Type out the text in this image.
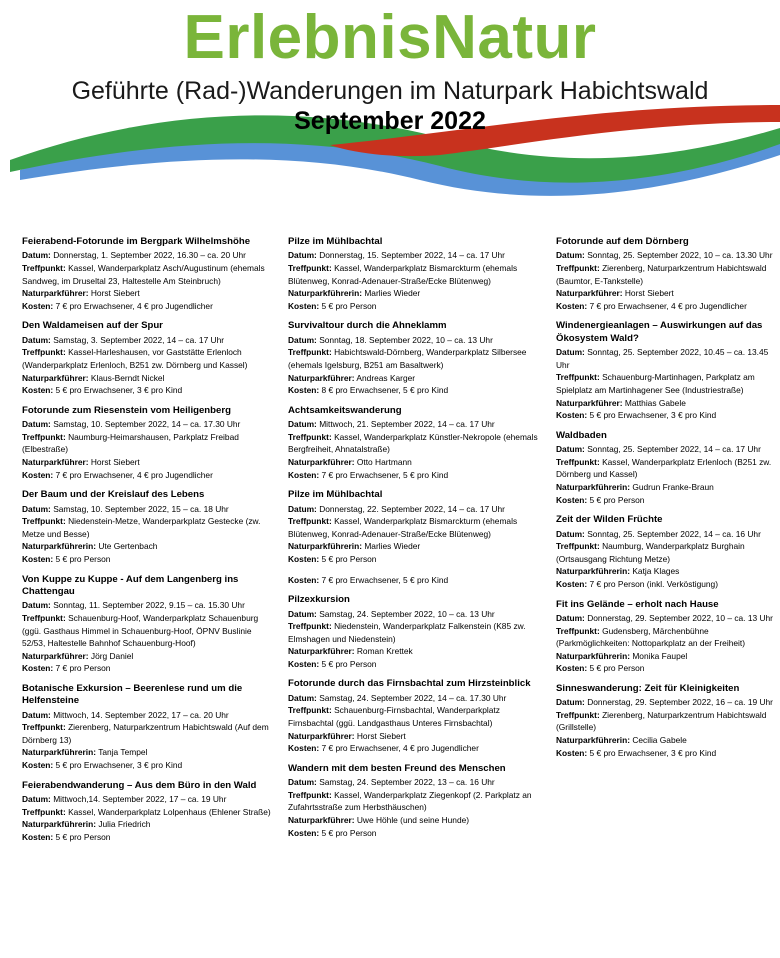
ErlebnisNatur
Geführte (Rad-)Wanderungen im Naturpark Habichtswald
September 2022
Feierabend-Fotorunde im Bergpark Wilhelmshöhe
Datum: Donnerstag, 1. September 2022, 16.30 – ca. 20 Uhr
Treffpunkt: Kassel, Wanderparkplatz Asch/Augustinum (ehemals Sandweg, im Druseltal 23, Haltestelle Am Steinbruch)
Naturparkführer: Horst Siebert
Kosten: 7 € pro Erwachsener, 4 € pro Jugendlicher
Den Waldameisen auf der Spur
Datum: Samstag, 3. September 2022, 14 – ca. 17 Uhr
Treffpunkt: Kassel-Harleshausen, vor Gaststätte Erlenloch (Wanderparkplatz Erlenloch, B251 zw. Dörnberg und Kassel)
Naturparkführer: Klaus-Berndt Nickel
Kosten: 5 € pro Erwachsener, 3 € pro Kind
Fotorunde zum Riesenstein vom Heiligenberg
Datum: Samstag, 10. September 2022, 14 – ca. 17.30 Uhr
Treffpunkt: Naumburg-Heimarshausen, Parkplatz Freibad (Elbestraße)
Naturparkführer: Horst Siebert
Kosten: 7 € pro Erwachsener, 4 € pro Jugendlicher
Der Baum und der Kreislauf des Lebens
Datum: Samstag, 10. September 2022, 15 – ca. 18 Uhr
Treffpunkt: Niedenstein-Metze, Wanderparkplatz Gestecke (zw. Metze und Besse)
Naturparkführerin: Ute Gertenbach
Kosten: 5 € pro Person
Von Kuppe zu Kuppe - Auf dem Langenberg ins Chattengau
Datum: Sonntag, 11. September 2022, 9.15 – ca. 15.30 Uhr
Treffpunkt: Schauenburg-Hoof, Wanderparkplatz Schauenburg (ggü. Gasthaus Himmel in Schauenburg-Hoof, ÖPNV Buslinie 52/53, Haltestelle Bahnhof Schauenburg-Hoof)
Naturparkführer: Jörg Daniel
Kosten: 7 € pro Person
Botanische Exkursion – Beerenlese rund um die Helfensteine
Datum: Mittwoch, 14. September 2022, 17 – ca. 20 Uhr
Treffpunkt: Zierenberg, Naturparkzentrum Habichtswald (Auf dem Dörnberg 13)
Naturparkführerin: Tanja Tempel
Kosten: 5 € pro Erwachsener, 3 € pro Kind
Feierabendwanderung – Aus dem Büro in den Wald
Datum: Mittwoch,14. September 2022, 17 – ca. 19 Uhr
Treffpunkt: Kassel, Wanderparkplatz Lolpenhaus (Ehlener Straße)
Naturparkführerin: Julia Friedrich
Kosten: 5 € pro Person
Pilze im Mühlbachtal
Datum: Donnerstag, 15. September 2022, 14 – ca. 17 Uhr
Treffpunkt: Kassel, Wanderparkplatz Bismarckturm (ehemals Blütenweg, Konrad-Adenauer-Straße/Ecke Blütenweg)
Naturparkführerin: Marlies Wieder
Kosten: 5 € pro Person
Survivaltour durch die Ahneklamm
Datum: Sonntag, 18. September 2022, 10 – ca. 13 Uhr
Treffpunkt: Habichtswald-Dörnberg, Wanderparkplatz Silbersee (ehemals Igelsburg, B251 am Basaltwerk)
Naturparkführer: Andreas Karger
Kosten: 8 € pro Erwachsener, 5 € pro Kind
Achtsamkeitswanderung
Datum: Mittwoch, 21. September 2022, 14 – ca. 17 Uhr
Treffpunkt: Kassel, Wanderparkplatz Künstler-Nekropole (ehemals Bergfreiheit, Ahnatalstraße)
Naturparkführer: Otto Hartmann
Kosten: 7 € pro Erwachsener, 5 € pro Kind
Pilze im Mühlbachtal
Datum: Donnerstag, 22. September 2022, 14 – ca. 17 Uhr
Treffpunkt: Kassel, Wanderparkplatz Bismarckturm (ehemals Blütenweg, Konrad-Adenauer-Straße/Ecke Blütenweg)
Naturparkführerin: Marlies Wieder
Kosten: 5 € pro Person
Kosten: 7 € pro Erwachsener, 5 € pro Kind
Pilzexkursion
Datum: Samstag, 24. September 2022, 10 – ca. 13 Uhr
Treffpunkt: Niedenstein, Wanderparkplatz Falkenstein (K85 zw. Elmshagen und Niedenstein)
Naturparkführer: Roman Krettek
Kosten: 5 € pro Person
Fotorunde durch das Firnsbachtal zum Hirzsteinblick
Datum: Samstag, 24. September 2022, 14 – ca. 17.30 Uhr
Treffpunkt: Schauenburg-Firnsbachtal, Wanderparkplatz Firnsbachtal (ggü. Landgasthaus Unteres Firnsbachtal)
Naturparkführer: Horst Siebert
Kosten: 7 € pro Erwachsener, 4 € pro Jugendlicher
Wandern mit dem besten Freund des Menschen
Datum: Samstag, 24. September 2022, 13 – ca. 16 Uhr
Treffpunkt: Kassel, Wanderparkplatz Ziegenkopf (2. Parkplatz an Zufahrtsstraße zum Herbsthäuschen)
Naturparkführer: Uwe Höhle (und seine Hunde)
Kosten: 5 € pro Person
Fotorunde auf dem Dörnberg
Datum: Sonntag, 25. September 2022, 10 – ca. 13.30 Uhr
Treffpunkt: Zierenberg, Naturparkzentrum Habichtswald (Baumtor, E-Tankstelle)
Naturparkführer: Horst Siebert
Kosten: 7 € pro Erwachsener, 4 € pro Jugendlicher
Windenergieanlagen – Auswirkungen auf das Ökosystem Wald?
Datum: Sonntag, 25. September 2022, 10.45 – ca. 13.45 Uhr
Treffpunkt: Schauenburg-Martinhagen, Parkplatz am Spielplatz am Martinhagener See (Industriestraße)
Naturparkführer: Matthias Gabele
Kosten: 5 € pro Erwachsener, 3 € pro Kind
Waldbaden
Datum: Sonntag, 25. September 2022, 14 – ca. 17 Uhr
Treffpunkt: Kassel, Wanderparkplatz Erlenloch (B251 zw. Dörnberg und Kassel)
Naturparkführerin: Gudrun Franke-Braun
Kosten: 5 € pro Person
Zeit der Wilden Früchte
Datum: Sonntag, 25. September 2022, 14 – ca. 16 Uhr
Treffpunkt: Naumburg, Wanderparkplatz Burghain (Ortsausgang Richtung Metze)
Naturparkführerin: Katja Klages
Kosten: 7 € pro Person (inkl. Verköstigung)
Fit ins Gelände – erholt nach Hause
Datum: Donnerstag, 29. September 2022, 10 – ca. 13 Uhr
Treffpunkt: Gudensberg, Märchenbühne (Parkmöglichkeiten: Nottoparkplatz an der Freiheit)
Naturparkführerin: Monika Faupel
Kosten: 5 € pro Person
Sinneswanderung: Zeit für Kleinigkeiten
Datum: Donnerstag, 29. September 2022, 16 – ca. 19 Uhr
Treffpunkt: Zierenberg, Naturparkzentrum Habichtswald (Grillstelle)
Naturparkführerin: Cecilia Gabele
Kosten: 5 € pro Erwachsener, 3 € pro Kind
